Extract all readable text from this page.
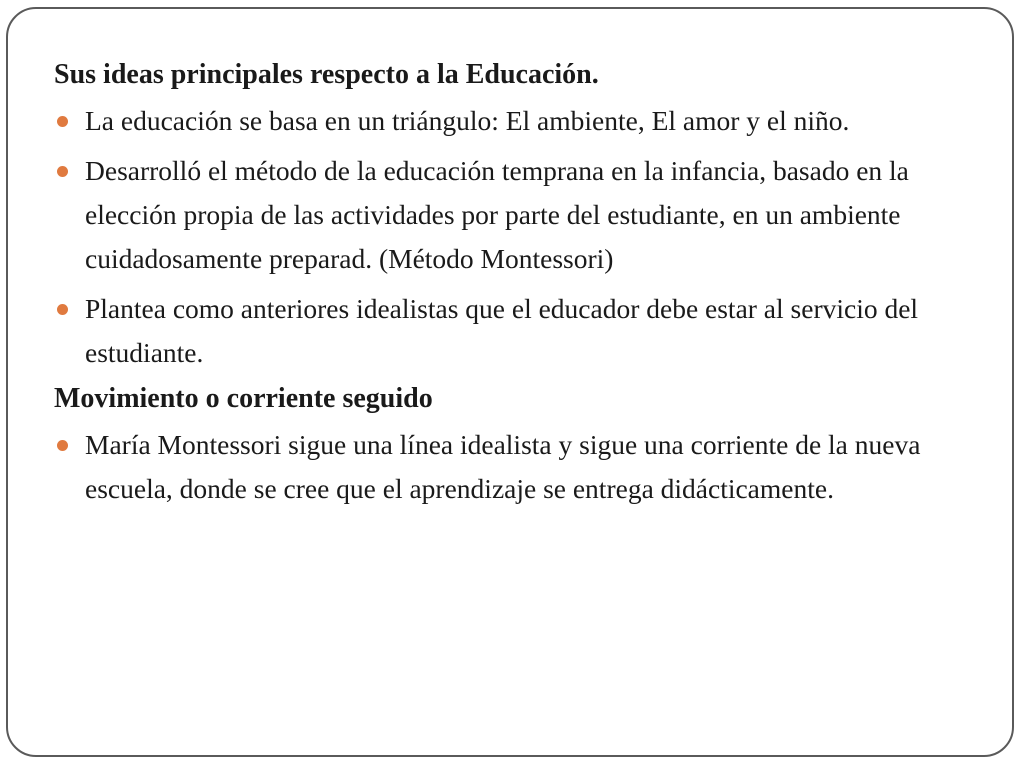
Sus ideas principales respecto a la Educación.

La educación se basa en un triángulo: El ambiente, El amor y el niño.
Desarrolló el método de la educación temprana en la infancia, basado en la elección propia de las actividades por parte del estudiante, en un ambiente cuidadosamente preparad. (Método Montessori)
Plantea como anteriores idealistas que el educador debe estar al servicio del estudiante.

Movimiento o corriente seguido

María Montessori sigue una línea idealista y sigue una corriente de la nueva escuela, donde se cree que el aprendizaje se entrega didácticamente.
